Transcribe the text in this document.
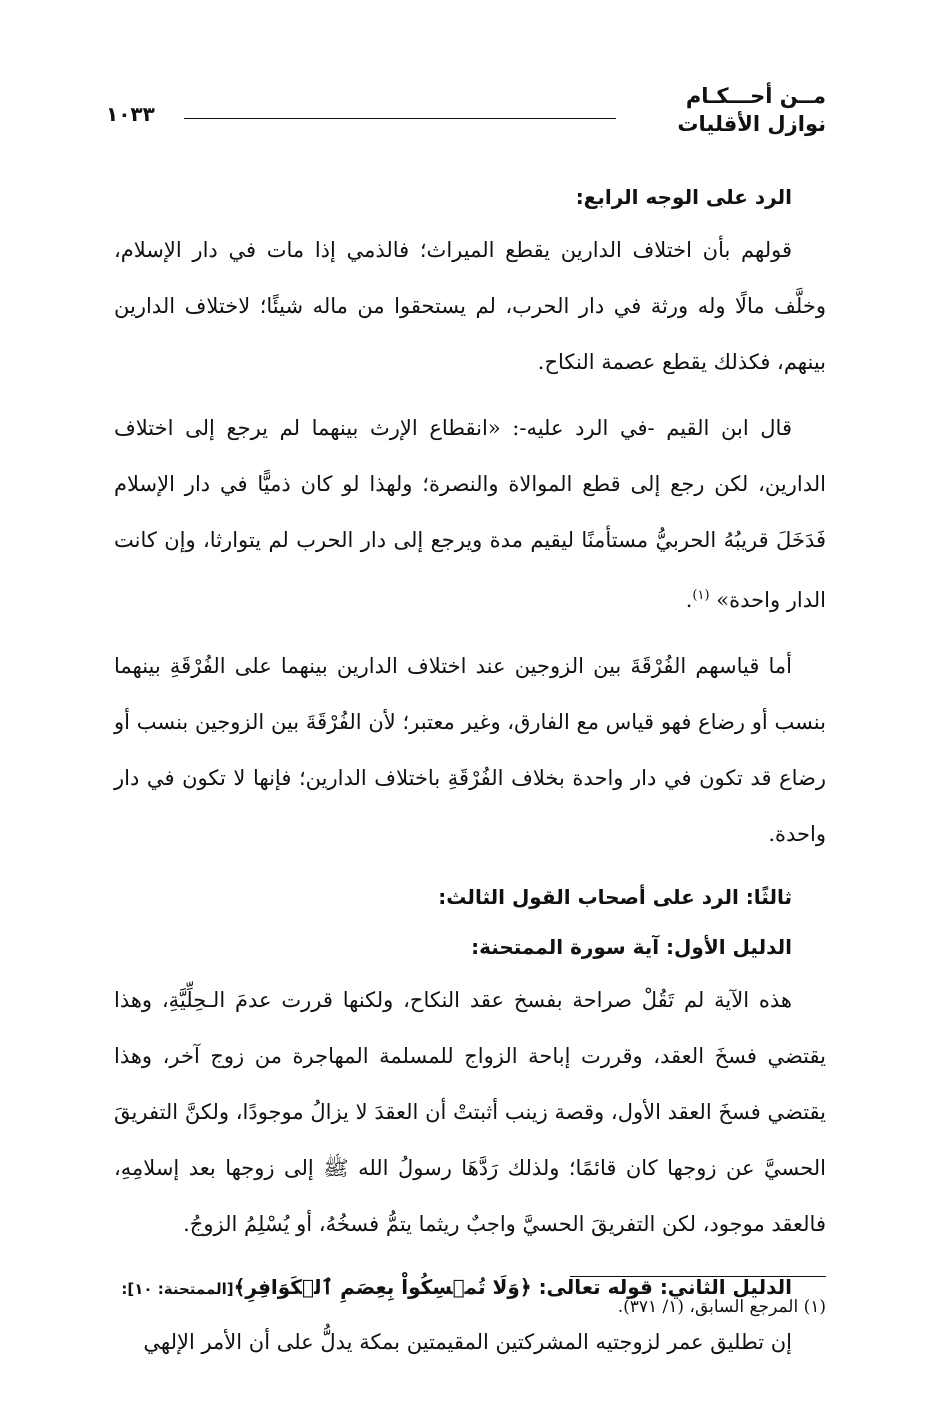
مــن أحـــكـام
نوازل الأقليات
١٠٣٣
الرد على الوجه الرابع:

قولهم بأن اختلاف الدارين يقطع الميراث؛ فالذمي إذا مات في دار الإسلام، وخلَّف مالًا وله ورثة في دار الحرب، لم يستحقوا من ماله شيئًا؛ لاختلاف الدارين بينهم، فكذلك يقطع عصمة النكاح.

قال ابن القيم -في الرد عليه-: «انقطاع الإرث بينهما لم يرجع إلى اختلاف الدارين، لكن رجع إلى قطع الموالاة والنصرة؛ ولهذا لو كان ذميًّا في دار الإسلام فَدَخَلَ قريبُهُ الحربيُّ مستأمنًا ليقيم مدة ويرجع إلى دار الحرب لم يتوارثا، وإن كانت الدار واحدة» $^{(١)}$.

أما قياسهم الفُرْقَةَ بين الزوجين عند اختلاف الدارين بينهما على الفُرْقَةِ بينهما بنسب أو رضاع فهو قياس مع الفارق، وغير معتبر؛ لأن الفُرْقَةَ بين الزوجين بنسب أو رضاع قد تكون في دار واحدة بخلاف الفُرْقَةِ باختلاف الدارين؛ فإنها لا تكون في دار واحدة.

ثالثًا: الرد على أصحاب القول الثالث:
الدليل الأول: آية سورة الممتحنة:

هذه الآية لم تَقُلْ صراحة بفسخ عقد النكاح، ولكنها قررت عدمَ الـحِلِّيَّةِ، وهذا يقتضي فسخَ العقد، وقررت إباحة الزواج للمسلمة المهاجرة من زوج آخر، وهذا يقتضي فسخَ العقد الأول، وقصة زينب أثبتتْ أن العقدَ لا يزالُ موجودًا، ولكنَّ التفريقَ الحسيَّ عن زوجها كان قائمًا؛ ولذلك رَدَّهَا رسولُ الله ﷺ إلى زوجها بعد إسلامِهِ، فالعقد موجود، لكن التفريقَ الحسيَّ واجبٌ ريثما يتمُّ فسخُهُ، أو يُسْلِمُ الزوجُ.

الدليل الثاني: قوله تعالى: ﴿وَلَا تُمۡسِكُواْ بِعِصَمِ ٱلۡكَوَافِرِ﴾[الممتحنة: ١٠]:

إن تطليق عمر لزوجتيه المشركتين المقيمتين بمكة يدلُّ على أن الأمر الإلهي

(١) المرجع السابق، (١/ ٣٧١).
